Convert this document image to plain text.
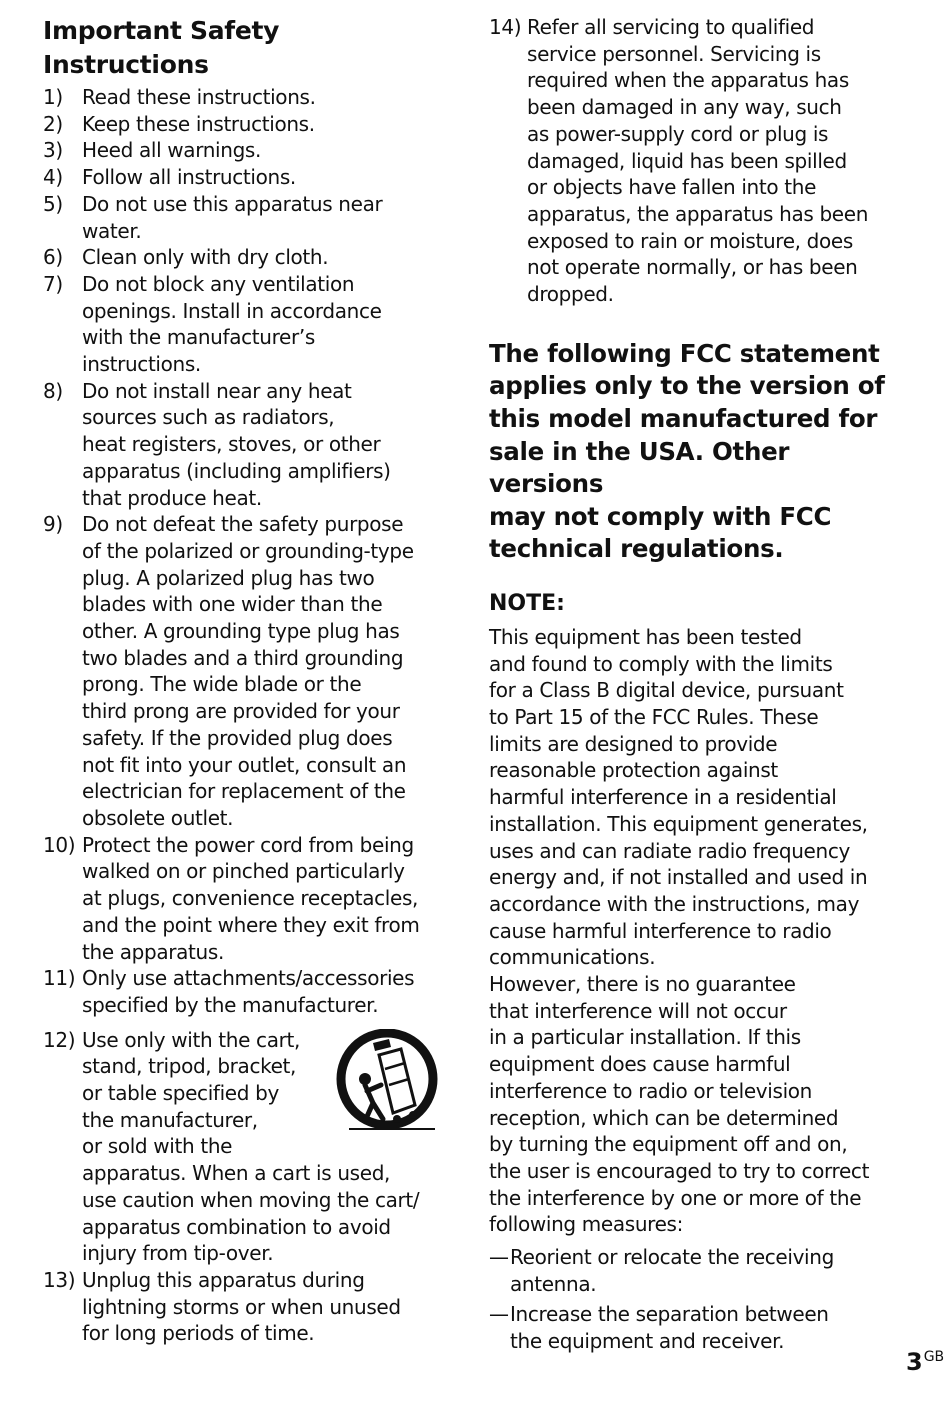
Important Safety Instructions
1) Read these instructions.
2) Keep these instructions.
3) Heed all warnings.
4) Follow all instructions.
5) Do not use this apparatus near
water.
6) Clean only with dry cloth.
7) Do not block any ventilation
openings. Install in accordance
with the manufacturer’s
instructions.
8) Do not install near any heat
sources such as radiators,
heat registers, stoves, or other
apparatus (including amplifiers)
that produce heat.
9) Do not defeat the safety purpose
of the polarized or grounding-type
plug. A polarized plug has two
blades with one wider than the
other. A grounding type plug has
two blades and a third grounding
prong. The wide blade or the
third prong are provided for your
safety. If the provided plug does
not fit into your outlet, consult an
electrician for replacement of the
obsolete outlet.
10) Protect the power cord from being
walked on or pinched particularly
at plugs, convenience receptacles,
and the point where they exit from
the apparatus.
11) Only use attachments/accessories
specified by the manufacturer.
12) Use only with the cart,
stand, tripod, bracket,
or table specified by
the manufacturer,
or sold with the
apparatus. When a cart is used,
use caution when moving the cart/
apparatus combination to avoid
injury from tip-over.
13) Unplug this apparatus during
lightning storms or when unused
for long periods of time.
14) Refer all servicing to qualified
service personnel. Servicing is
required when the apparatus has
been damaged in any way, such
as power-supply cord or plug is
damaged, liquid has been spilled
or objects have fallen into the
apparatus, the apparatus has been
exposed to rain or moisture, does
not operate normally, or has been
dropped.
The following FCC statement
applies only to the version of
this model manufactured for
sale in the USA. Other versions
may not comply with FCC
technical regulations.
NOTE:

This equipment has been tested
and found to comply with the limits
for a Class B digital device, pursuant
to Part 15 of the FCC Rules. These
limits are designed to provide
reasonable protection against
harmful interference in a residential
installation. This equipment generates,
uses and can radiate radio frequency
energy and, if not installed and used in
accordance with the instructions, may
cause harmful interference to radio
communications.

However, there is no guarantee
that interference will not occur
in a particular installation. If this
equipment does cause harmful
interference to radio or television
reception, which can be determined
by turning the equipment off and on,
the user is encouraged to try to correct
the interference by one or more of the
following measures:

— Reorient or relocate the receiving
antenna.
— Increase the separation between
the equipment and receiver.
$3^{GB}$
